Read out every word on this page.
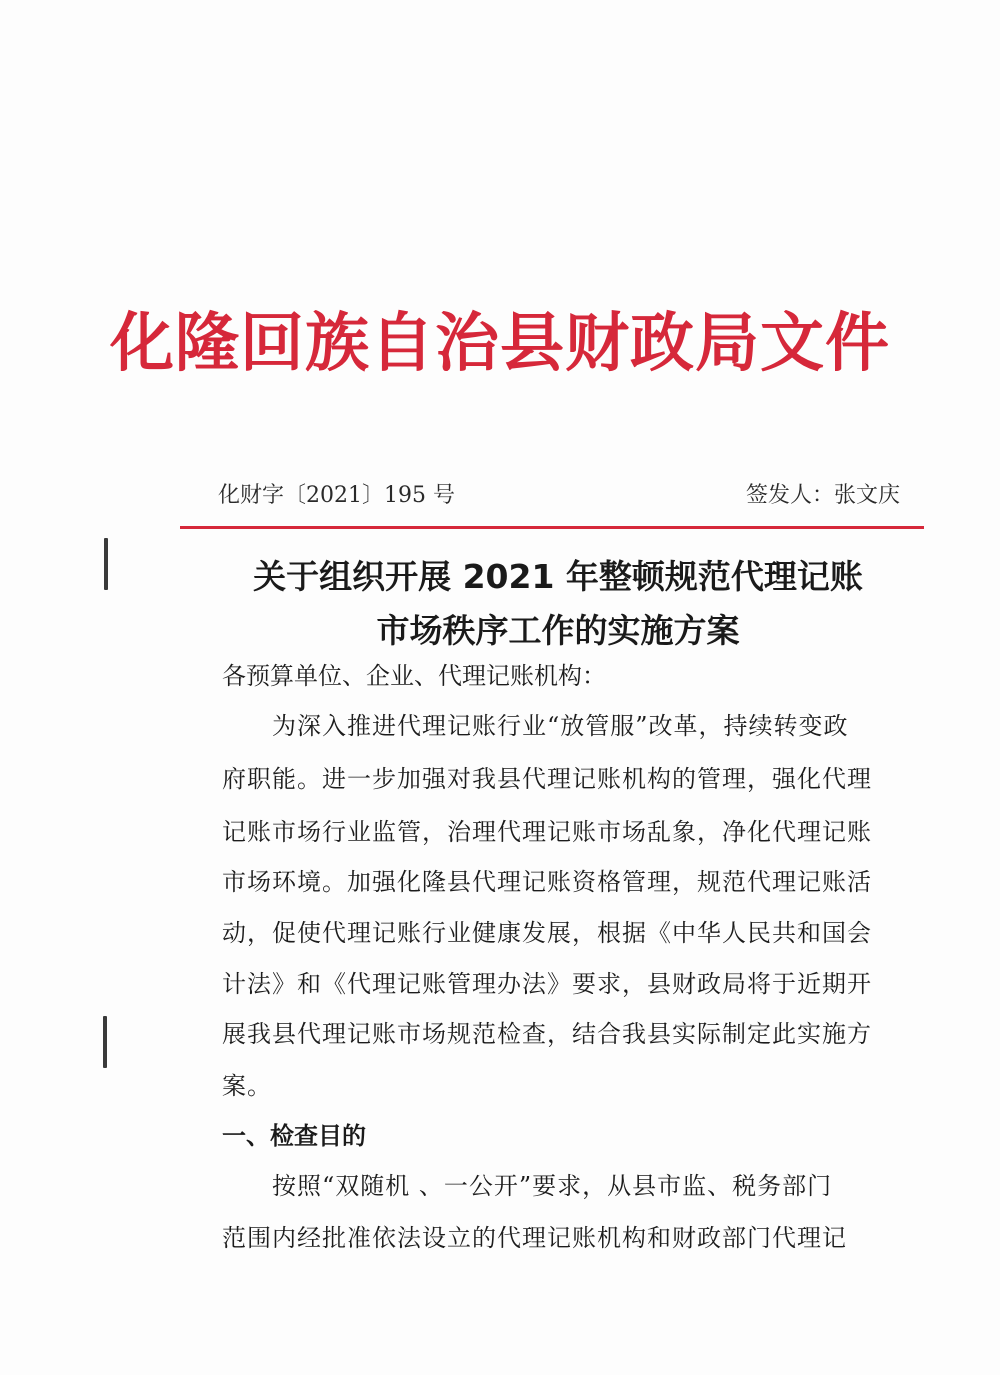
化隆回族自治县财政局文件
化财字〔2021〕195 号	签发人：张文庆
关于组织开展 2021 年整顿规范代理记账
市场秩序工作的实施方案
各预算单位、企业、代理记账机构：
为深入推进代理记账行业“放管服”改革，持续转变政
府职能。进一步加强对我县代理记账机构的管理，强化代理
记账市场行业监管，治理代理记账市场乱象，净化代理记账
市场环境。加强化隆县代理记账资格管理，规范代理记账活
动，促使代理记账行业健康发展，根据《中华人民共和国会
计法》和《代理记账管理办法》要求，县财政局将于近期开
展我县代理记账市场规范检查，结合我县实际制定此实施方
案。
一、检查目的
按照“双随机 、一公开”要求，从县市监、税务部门
范围内经批准依法设立的代理记账机构和财政部门代理记
